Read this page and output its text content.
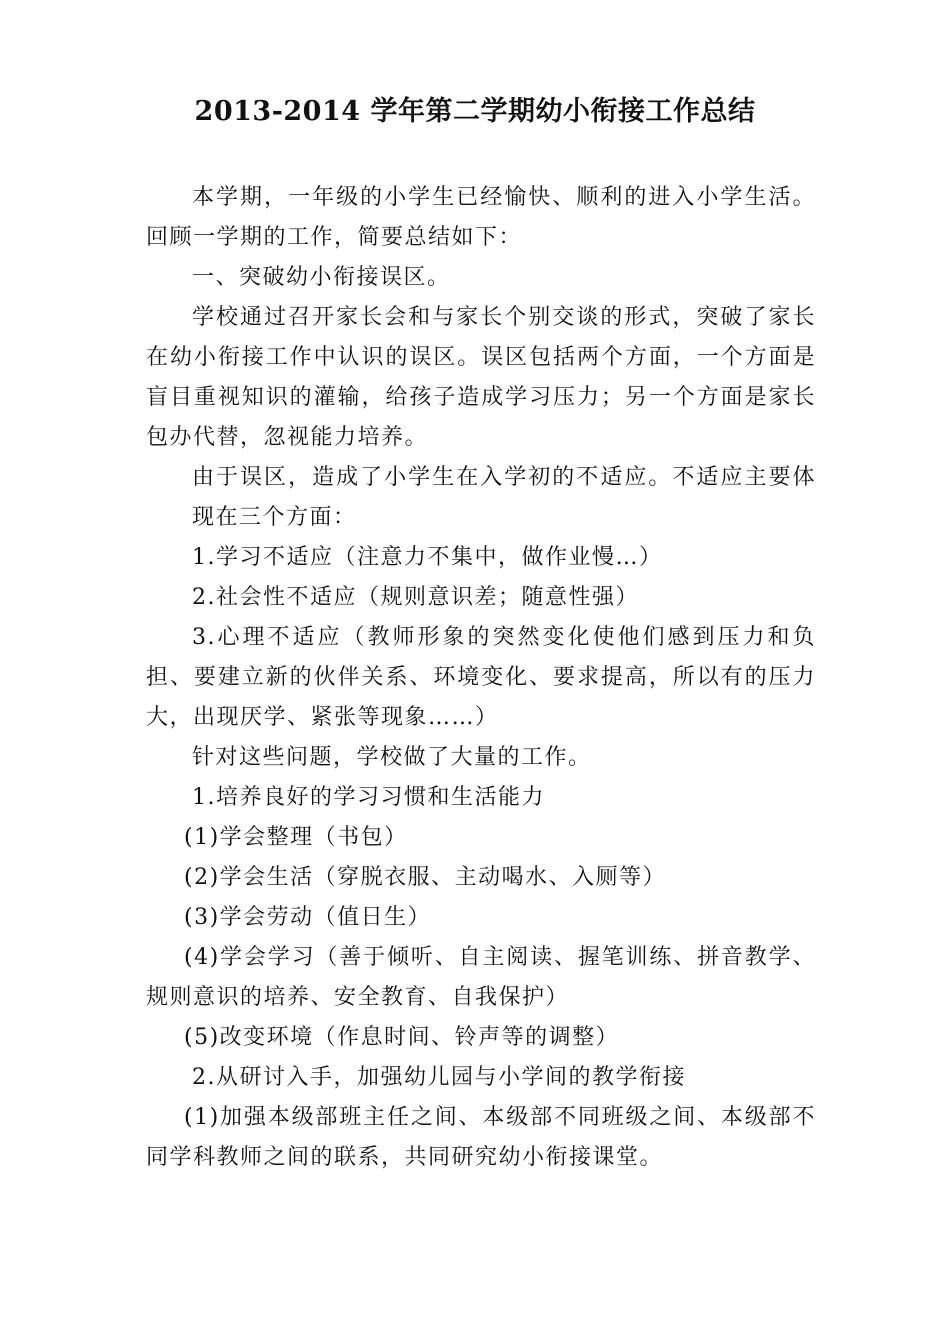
2013-2014 学年第二学期幼小衔接工作总结

本学期，一年级的小学生已经愉快、顺利的进入小学生活。回顾一学期的工作，简要总结如下：

一、突破幼小衔接误区。

学校通过召开家长会和与家长个别交谈的形式，突破了家长在幼小衔接工作中认识的误区。误区包括两个方面，一个方面是盲目重视知识的灌输，给孩子造成学习压力；另一个方面是家长包办代替，忽视能力培养。

由于误区，造成了小学生在入学初的不适应。不适应主要体现在三个方面：

1.学习不适应（注意力不集中，做作业慢…）

2.社会性不适应（规则意识差；随意性强）

3.心理不适应（教师形象的突然变化使他们感到压力和负担、要建立新的伙伴关系、环境变化、要求提高，所以有的压力大，出现厌学、紧张等现象……）

针对这些问题，学校做了大量的工作。

1.培养良好的学习习惯和生活能力

(1)学会整理（书包）

(2)学会生活（穿脱衣服、主动喝水、入厕等）

(3)学会劳动（值日生）

(4)学会学习（善于倾听、自主阅读、握笔训练、拼音教学、规则意识的培养、安全教育、自我保护）

(5)改变环境（作息时间、铃声等的调整）

2.从研讨入手，加强幼儿园与小学间的教学衔接

(1)加强本级部班主任之间、本级部不同班级之间、本级部不同学科教师之间的联系，共同研究幼小衔接课堂。
